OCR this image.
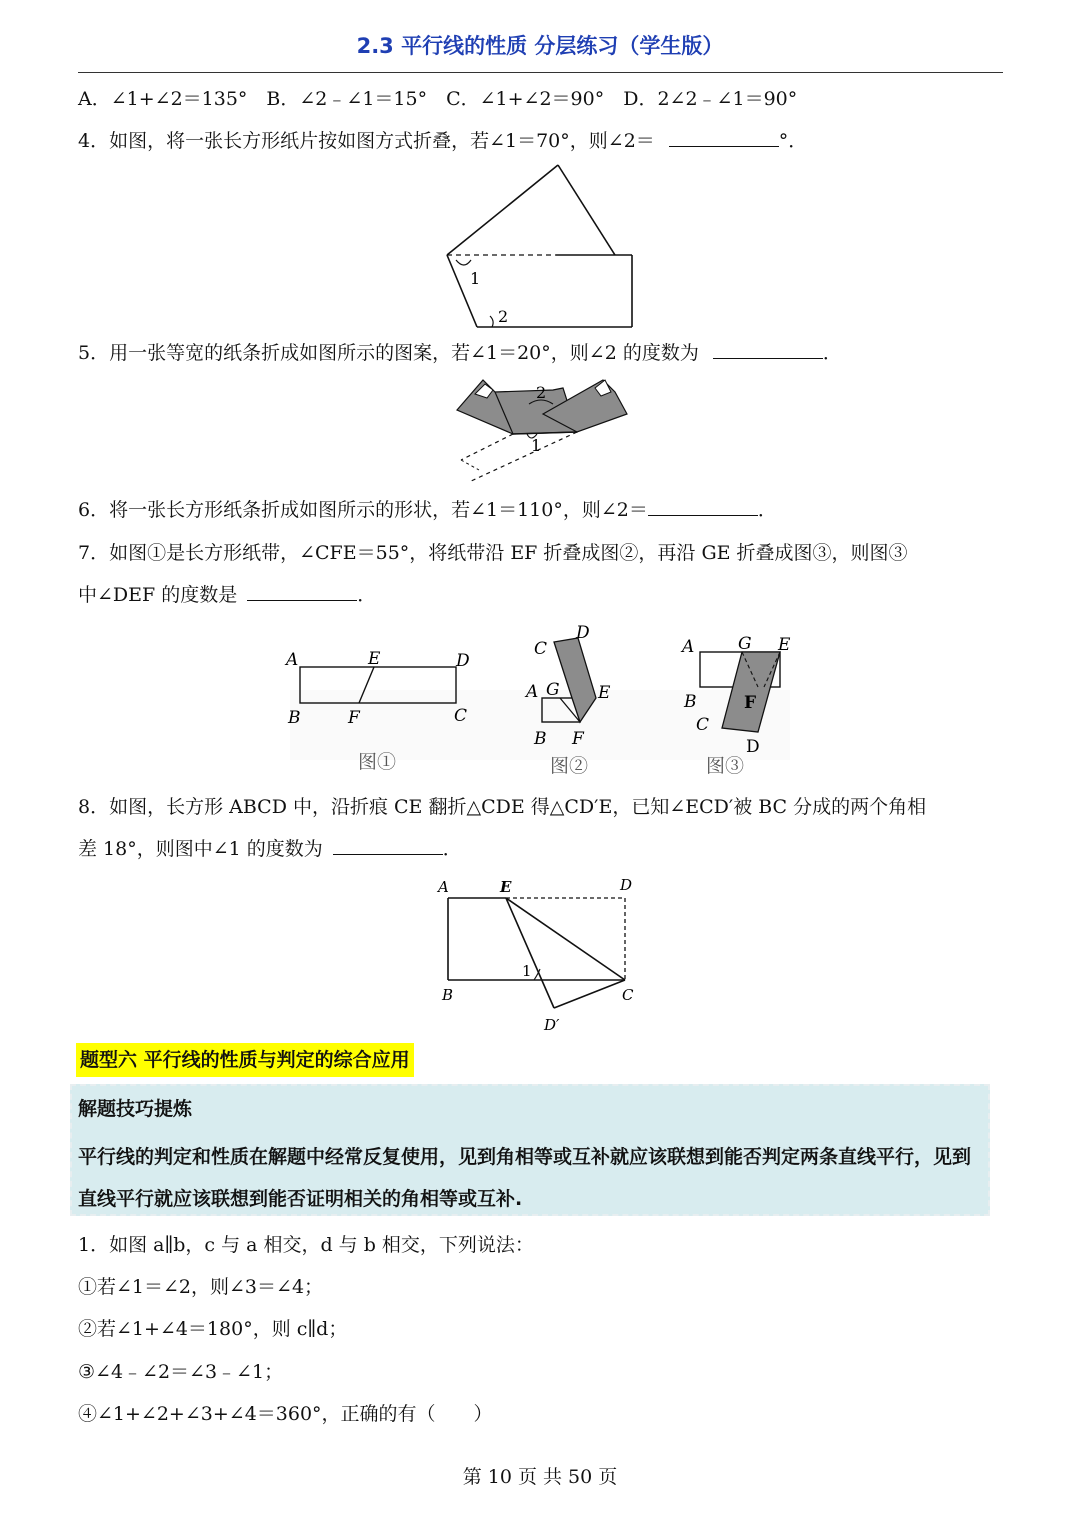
2.3 平行线的性质 分层练习（学生版）
A．∠1+∠2＝135°　B．∠2﹣∠1＝15°　C．∠1+∠2＝90°　D．2∠2﹣∠1＝90°
4．如图，将一张长方形纸片按如图方式折叠，若∠1＝70°，则∠2＝	°．
1
2
5．用一张等宽的纸条折成如图所示的图案，若∠1＝20°，则∠2 的度数为	．
2
1
6．将一张长方形纸条折成如图所示的形状，若∠1＝110°，则∠2＝	．
7．如图①是长方形纸带，∠CFE＝55°，将纸带沿 EF 折叠成图②，再沿 GE 折叠成图③，则图③
中∠DEF 的度数是	．
A	E	D
B	F	C
图①
C
D
A G E
B F
图②
A	G E
B	F
C
D
图③
8．如图，长方形 ABCD 中，沿折痕 CE 翻折△CDE 得△CD′E，已知∠ECD′被 BC 分成的两个角相
差 18°，则图中∠1 的度数为	．
A	E	D
B	C
D′
1
题型六 平行线的性质与判定的综合应用
解题技巧提炼
平行线的判定和性质在解题中经常反复使用，见到角相等或互补就应该联想到能否判定两条直线平行，见到直线平行就应该联想到能否证明相关的角相等或互补.
1．如图 a∥b，c 与 a 相交，d 与 b 相交，下列说法：
①若∠1＝∠2，则∠3＝∠4；
②若∠1+∠4＝180°，则 c∥d；
③∠4﹣∠2＝∠3﹣∠1；
④∠1+∠2+∠3+∠4＝360°，正确的有（　　）
第 10 页 共 50 页
